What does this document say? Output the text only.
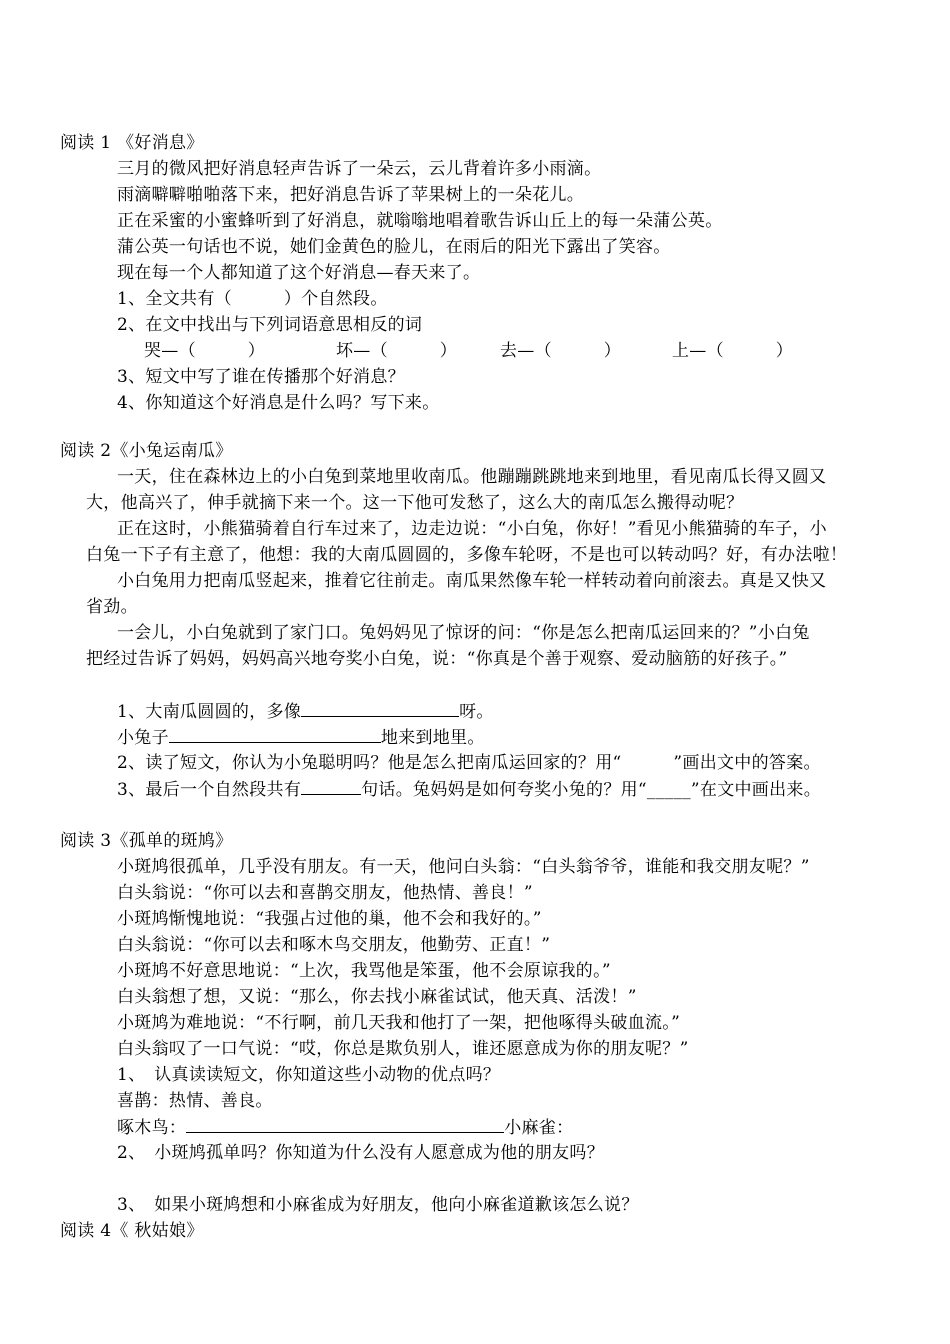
阅读 1 《好消息》
三月的微风把好消息轻声告诉了一朵云，云儿背着许多小雨滴。
雨滴噼噼啪啪落下来，把好消息告诉了苹果树上的一朵花儿。
正在采蜜的小蜜蜂听到了好消息，就嗡嗡地唱着歌告诉山丘上的每一朵蒲公英。
蒲公英一句话也不说，她们金黄色的脸儿，在雨后的阳光下露出了笑容。
现在每一个人都知道了这个好消息—春天来了。
1、全文共有（　　　）个自然段。
2、在文中找出与下列词语意思相反的词
哭—（　　　）	坏—（　　　）	去—（　　　）	上—（　　　）
3、短文中写了谁在传播那个好消息？
4、你知道这个好消息是什么吗？写下来。
阅读 2《小兔运南瓜》
一天，住在森林边上的小白兔到菜地里收南瓜。他蹦蹦跳跳地来到地里，看见南瓜长得又圆又
大，他高兴了，伸手就摘下来一个。这一下他可发愁了，这么大的南瓜怎么搬得动呢？
正在这时，小熊猫骑着自行车过来了，边走边说：“小白兔，你好！”看见小熊猫骑的车子，小
白兔一下子有主意了，他想：我的大南瓜圆圆的，多像车轮呀，不是也可以转动吗？好，有办法啦！
小白兔用力把南瓜竖起来，推着它往前走。南瓜果然像车轮一样转动着向前滚去。真是又快又
省劲。
一会儿，小白兔就到了家门口。兔妈妈见了惊讶的问：“你是怎么把南瓜运回来的？”小白兔
把经过告诉了妈妈，妈妈高兴地夸奖小白兔，说：“你真是个善于观察、爱动脑筋的好孩子。”
1、大南瓜圆圆的，多像	呀。
小兔子	地来到地里。
2、读了短文，你认为小兔聪明吗？他是怎么把南瓜运回家的？用“　　　”画出文中的答案。
3、最后一个自然段共有	句话。兔妈妈是如何夸奖小兔的？用“_____”在文中画出来。
阅读 3《孤单的斑鸠》
小斑鸠很孤单，几乎没有朋友。有一天，他问白头翁：“白头翁爷爷，谁能和我交朋友呢？”
白头翁说：“你可以去和喜鹊交朋友，他热情、善良！”
小斑鸠惭愧地说：“我强占过他的巢，他不会和我好的。”
白头翁说：“你可以去和啄木鸟交朋友，他勤劳、正直！”
小斑鸠不好意思地说：“上次，我骂他是笨蛋，他不会原谅我的。”
白头翁想了想，又说：“那么，你去找小麻雀试试，他天真、活泼！”
小斑鸠为难地说：“不行啊，前几天我和他打了一架，把他啄得头破血流。”
白头翁叹了一口气说：“哎，你总是欺负别人，谁还愿意成为你的朋友呢？”
1、　认真读读短文，你知道这些小动物的优点吗？
喜鹊：热情、善良。
啄木鸟：	小麻雀：
2、　小斑鸠孤单吗？你知道为什么没有人愿意成为他的朋友吗？
3、　如果小斑鸠想和小麻雀成为好朋友，他向小麻雀道歉该怎么说？
阅读 4《 秋姑娘》
